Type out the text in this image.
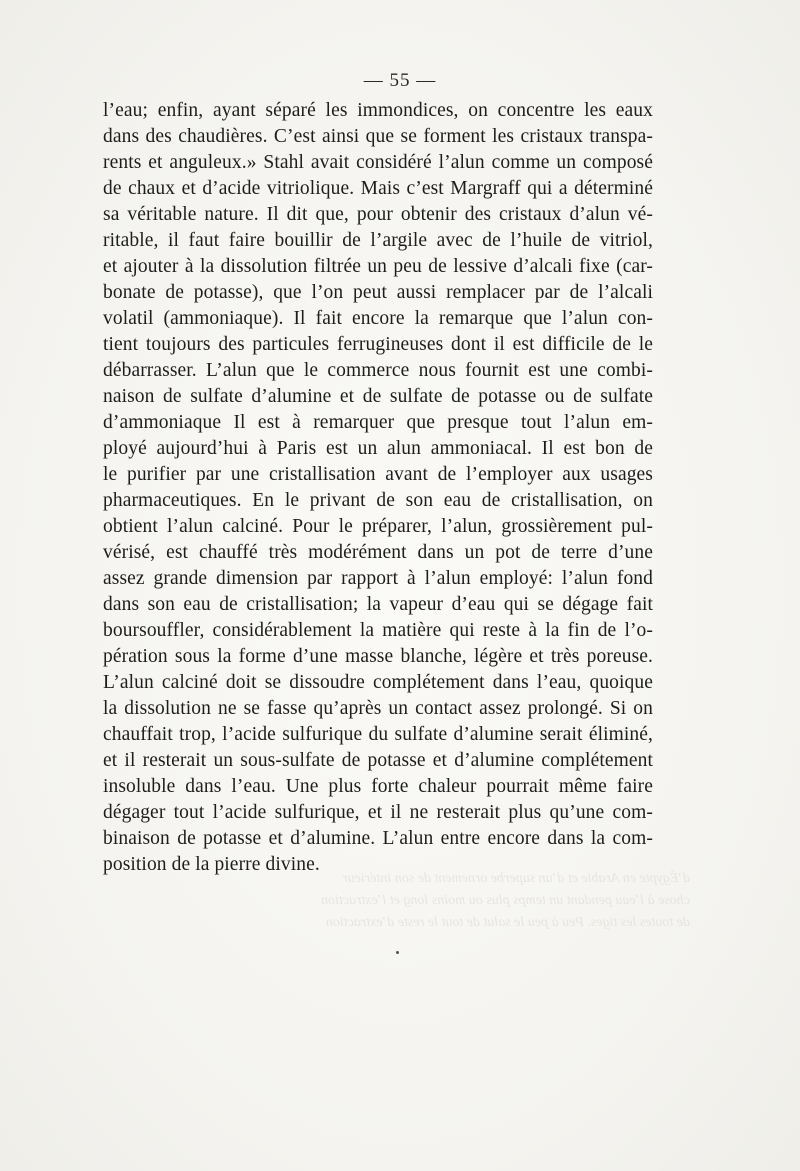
d’Égypte en Arabie et d’un superbe ornement de son intérieur
chose à l’eau pendant un temps plus ou moins long et l’extraction
de toutes les tiges. Peu à peu le salut de tout le reste d’extraction
— 55 —
l’eau; enfin, ayant séparé les immondices, on concentre les eaux
dans des chaudières. C’est ainsi que se forment les cristaux transpa-
rents et anguleux.» Stahl avait considéré l’alun comme un composé
de chaux et d’acide vitriolique. Mais c’est Margraff qui a déterminé
sa véritable nature. Il dit que, pour obtenir des cristaux d’alun vé-
ritable, il faut faire bouillir de l’argile avec de l’huile de vitriol,
et ajouter à la dissolution filtrée un peu de lessive d’alcali fixe (car-
bonate de potasse), que l’on peut aussi remplacer par de l’alcali
volatil (ammoniaque). Il fait encore la remarque que l’alun con-
tient toujours des particules ferrugineuses dont il est difficile de le
débarrasser. L’alun que le commerce nous fournit est une combi-
naison de sulfate d’alumine et de sulfate de potasse ou de sulfate
d’ammoniaque Il est à remarquer que presque tout l’alun em-
ployé aujourd’hui à Paris est un alun ammoniacal. Il est bon de
le purifier par une cristallisation avant de l’employer aux usages
pharmaceutiques. En le privant de son eau de cristallisation, on
obtient l’alun calciné. Pour le préparer, l’alun, grossièrement pul-
vérisé, est chauffé très modérément dans un pot de terre d’une
assez grande dimension par rapport à l’alun employé: l’alun fond
dans son eau de cristallisation; la vapeur d’eau qui se dégage fait
boursouffler, considérablement la matière qui reste à la fin de l’o-
pération sous la forme d’une masse blanche, légère et très poreuse.
L’alun calciné doit se dissoudre complétement dans l’eau, quoique
la dissolution ne se fasse qu’après un contact assez prolongé. Si on
chauffait trop, l’acide sulfurique du sulfate d’alumine serait éliminé,
et il resterait un sous-sulfate de potasse et d’alumine complétement
insoluble dans l’eau. Une plus forte chaleur pourrait même faire
dégager tout l’acide sulfurique, et il ne resterait plus qu’une com-
binaison de potasse et d’alumine. L’alun entre encore dans la com-
position de la pierre divine.
